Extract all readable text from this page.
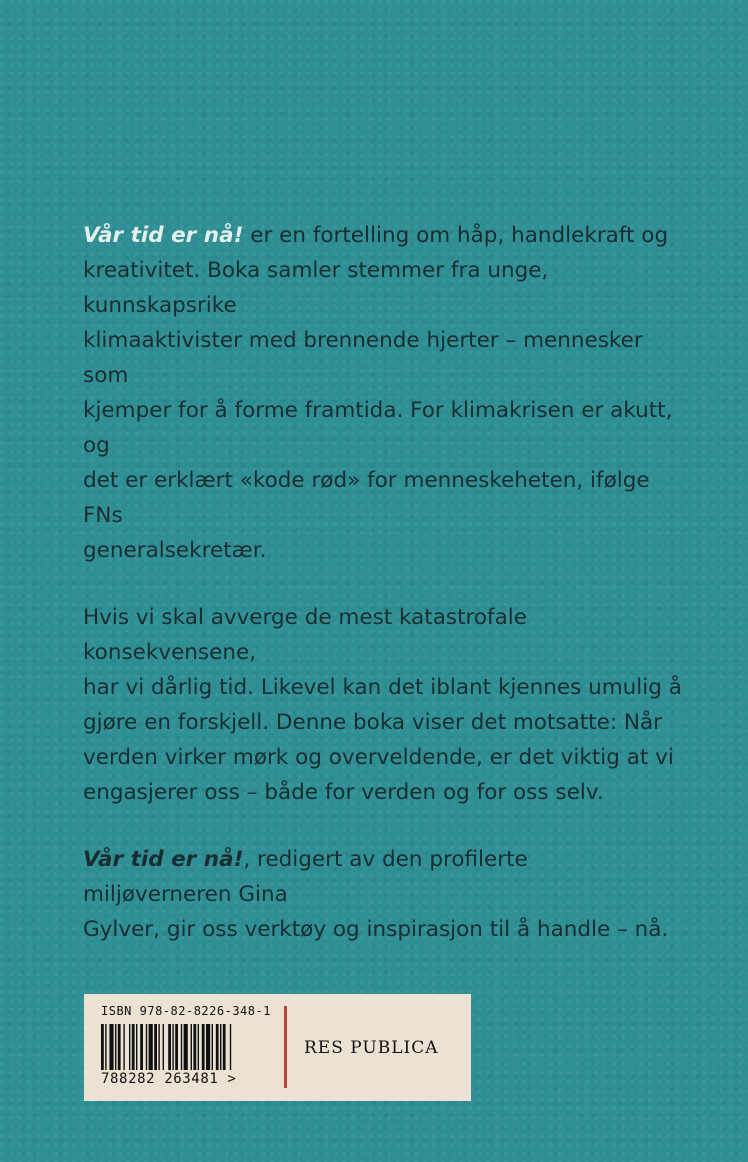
Vår tid er nå! er en fortelling om håp, handlekraft og
kreativitet. Boka samler stemmer fra unge, kunnskapsrike
klimaaktivister med brennende hjerter – mennesker som
kjemper for å forme framtida. For klimakrisen er akutt, og
det er erklært «kode rød» for menneskeheten, ifølge FNs
generalsekretær.

Hvis vi skal avverge de mest katastrofale konsekvensene,
har vi dårlig tid. Likevel kan det iblant kjennes umulig å
gjøre en forskjell. Denne boka viser det motsatte: Når
verden virker mørk og overveldende, er det viktig at vi
engasjerer oss – både for verden og for oss selv.

Vår tid er nå!, redigert av den profilerte miljøverneren Gina
Gylver, gir oss verktøy og inspirasjon til å handle – nå.

ISBN 978-82-8226-348-1
788282 263481 >
RES PUBLICA
